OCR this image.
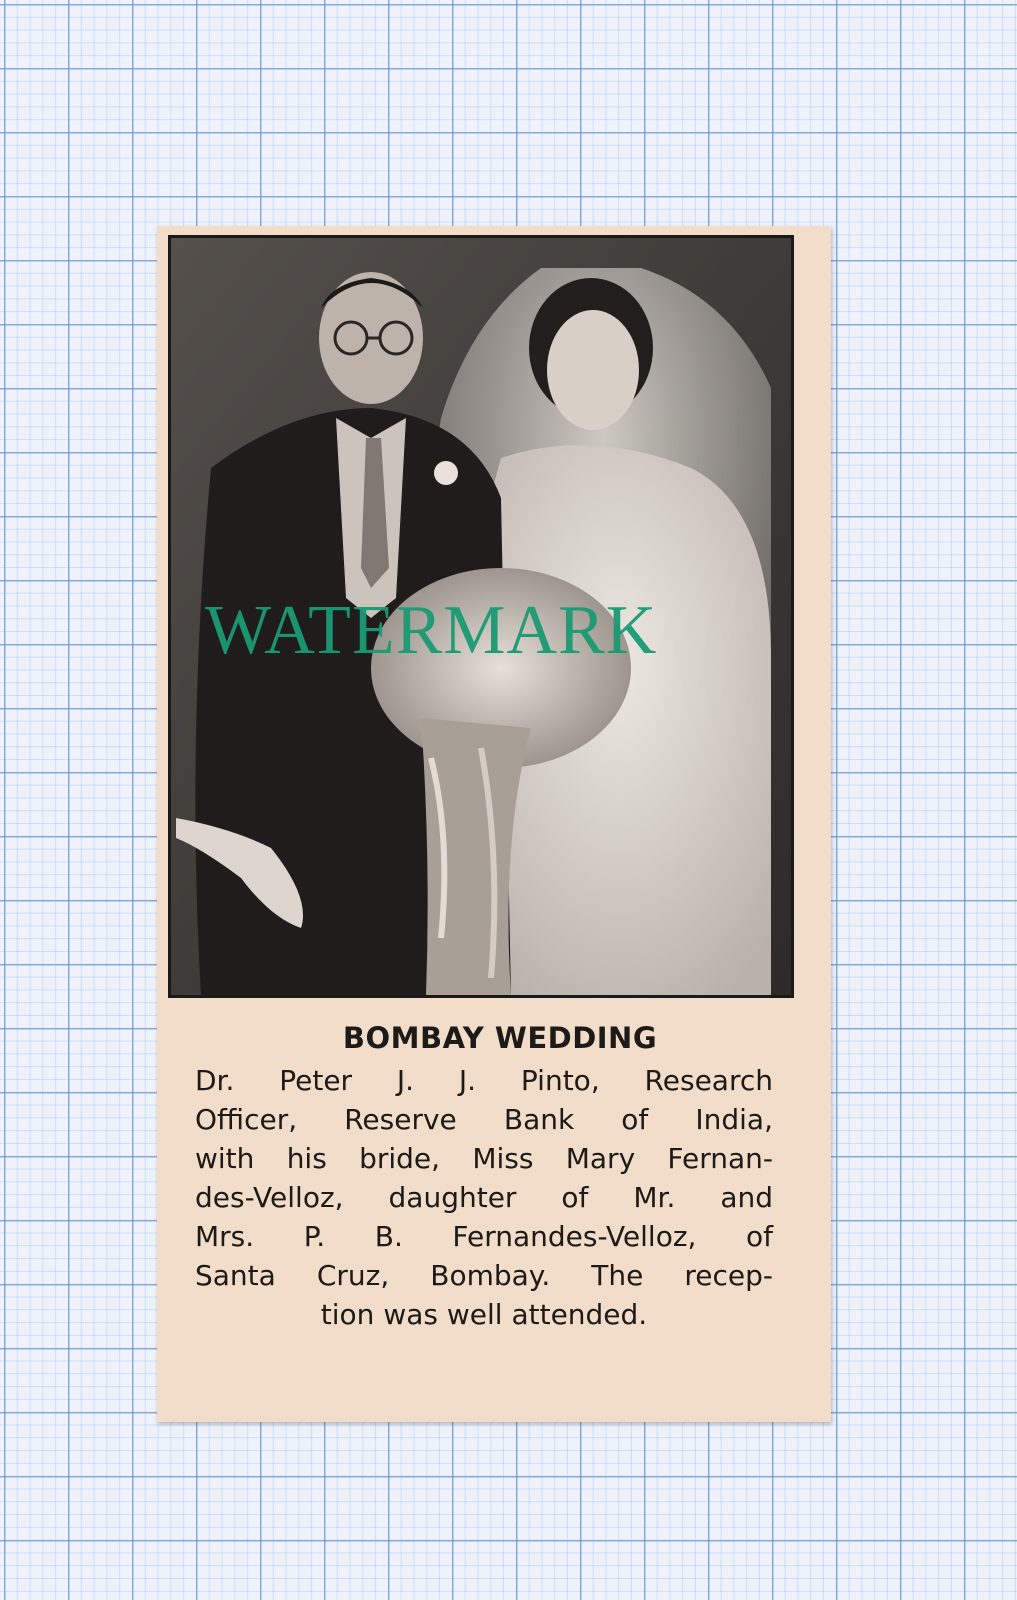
BOMBAY WEDDING
Dr. Peter J. J. Pinto, Research
Officer, Reserve Bank of India,
with his bride, Miss Mary Fernan-
des-Velloz, daughter of Mr. and
Mrs. P. B. Fernandes-Velloz, of
Santa Cruz, Bombay. The recep-
tion was well attended.
WATERMARK
